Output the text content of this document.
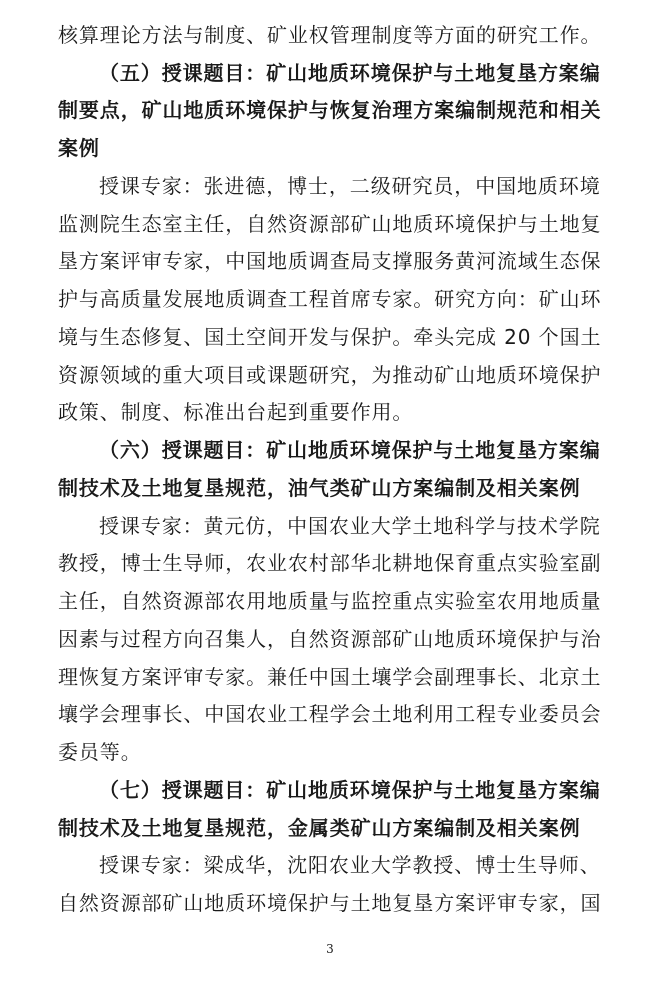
核算理论方法与制度、矿业权管理制度等方面的研究工作。
（五）授课题目：矿山地质环境保护与土地复垦方案编
制要点，矿山地质环境保护与恢复治理方案编制规范和相关
案例
授课专家：张进德，博士，二级研究员，中国地质环境
监测院生态室主任，自然资源部矿山地质环境保护与土地复
垦方案评审专家，中国地质调查局支撑服务黄河流域生态保
护与高质量发展地质调查工程首席专家。研究方向：矿山环
境与生态修复、国土空间开发与保护。牵头完成 20 个国土
资源领域的重大项目或课题研究，为推动矿山地质环境保护
政策、制度、标准出台起到重要作用。
（六）授课题目：矿山地质环境保护与土地复垦方案编
制技术及土地复垦规范，油气类矿山方案编制及相关案例
授课专家：黄元仿，中国农业大学土地科学与技术学院
教授，博士生导师，农业农村部华北耕地保育重点实验室副
主任，自然资源部农用地质量与监控重点实验室农用地质量
因素与过程方向召集人，自然资源部矿山地质环境保护与治
理恢复方案评审专家。兼任中国土壤学会副理事长、北京土
壤学会理事长、中国农业工程学会土地利用工程专业委员会
委员等。
（七）授课题目：矿山地质环境保护与土地复垦方案编
制技术及土地复垦规范，金属类矿山方案编制及相关案例
授课专家：梁成华，沈阳农业大学教授、博士生导师、
自然资源部矿山地质环境保护与土地复垦方案评审专家，国
3
